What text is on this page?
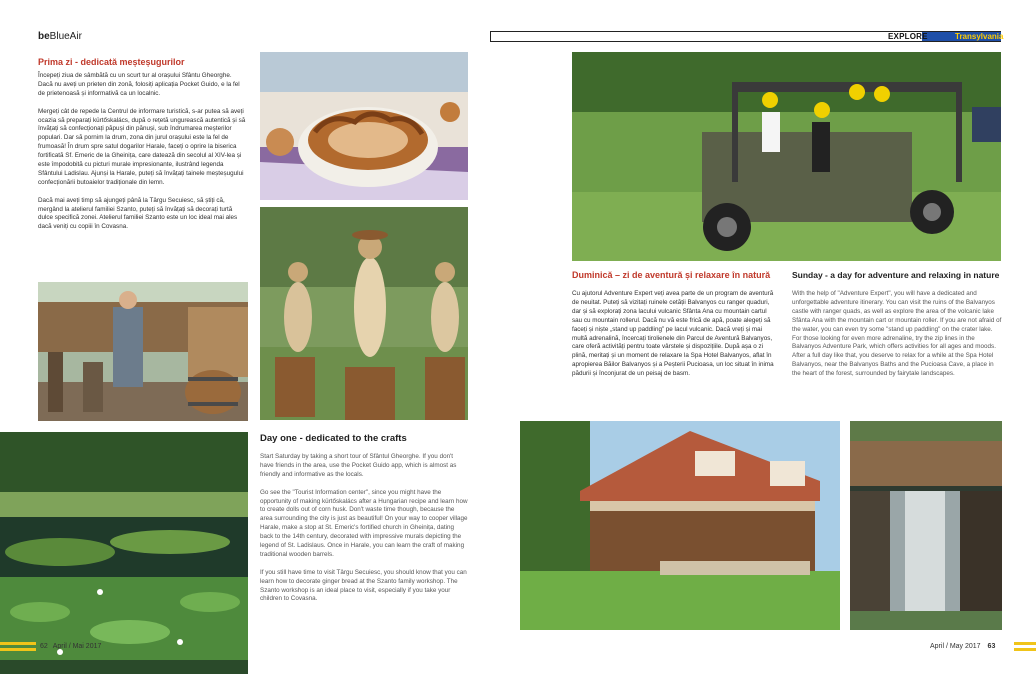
beBlueAir	EXPLORE	Transylvania
Prima zi - dedicată meșteșugurilor

Începeți ziua de sâmbătă cu un scurt tur al orașului Sfântu Gheorghe. Dacă nu aveți un prieten din zonă, folosiți aplicația Pocket Guido, e la fel de prietenoasă și informativă ca un localnic.

Mergeți cât de repede la Centrul de informare turistică, s-ar putea să aveți ocazia să preparați kürtőskalács, după o rețetă ungurească autentică și să învățați să confecționați păpuși din pănuși, sub îndrumarea meșterilor populari. Dar să pornim la drum, zona din jurul orașului este la fel de frumoasă! În drum spre satul dogarilor Harale, faceți o oprire la biserica fortificată Sf. Emeric de la Gheinița, care datează din secolul al XIV-lea și este împodobită cu picturi murale impresionante, ilustrând legenda Sfântului Ladislau. Ajunși la Harale, puteți să învățați tainele meșteșugului confecționării butoaielor tradiționale din lemn.

Dacă mai aveți timp să ajungeți până la Târgu Secuiesc, să știți că, mergând la atelierul familiei Szanto, puteți să învățați să decorați turtă dulce specifică zonei. Atelierul familiei Szanto este un loc ideal mai ales dacă veniți cu copiii în Covasna.

Day one - dedicated to the crafts

Start Saturday by taking a short tour of Sfântul Gheorghe. If you don't have friends in the area, use the Pocket Guido app, which is almost as friendly and informative as the locals.

Go see the "Tourist Information center", since you might have the opportunity of making kürtőskalács after a Hungarian recipe and learn how to create dolls out of corn husk. Don't waste time though, because the area surrounding the city is just as beautiful! On your way to cooper village Harale, make a stop at St. Emeric's fortified church in Gheinița, dating back to the 14th century, decorated with impressive murals depicting the legend of St. Ladislaus. Once in Harale, you can learn the craft of making traditional wooden barrels.

If you still have time to visit Târgu Secuiesc, you should know that you can learn how to decorate ginger bread at the Szanto family workshop. The Szanto workshop is an ideal place to visit, especially if you take your children to Covasna.

62 April / Mai 2017
Duminică – zi de aventură și relaxare în natură

Cu ajutorul Adventure Expert veți avea parte de un program de aventură de neuitat. Puteți să vizitați ruinele cetății Balvanyos cu ranger quaduri, dar și să explorați zona lacului vulcanic Sfânta Ana cu mountain cartul sau cu mountain rollerul. Dacă nu vă este frică de apă, poate alegeți să faceți și niște „stand up paddling” pe lacul vulcanic. Dacă vreți și mai multă adrenalină, încercați tirolienele din Parcul de Aventură Balvanyos, care oferă activități pentru toate vârstele și dispozițiile. După așa o zi plină, meritați și un moment de relaxare la Spa Hotel Balvanyos, aflat în apropierea Băilor Balvanyos și a Peșterii Pucioasa, un loc situat în inima pădurii și înconjurat de un peisaj de basm.

Sunday - a day for adventure and relaxing in nature

With the help of "Adventure Expert", you will have a dedicated and unforgettable adventure itinerary. You can visit the ruins of the Balvanyos castle with ranger quads, as well as explore the area of the volcanic lake Sfânta Ana with the mountain cart or mountain roller. If you are not afraid of the water, you can even try some "stand up paddling" on the crater lake. For those looking for even more adrenaline, try the zip lines in the Balvanyos Adventure Park, which offers activities for all ages and moods. After a full day like that, you deserve to relax for a while at the Spa Hotel Balvanyos, near the Balvanyos Baths and the Pucioasa Cave, a place in the heart of the forest, surrounded by fairytale landscapes.

April / May 2017 63
